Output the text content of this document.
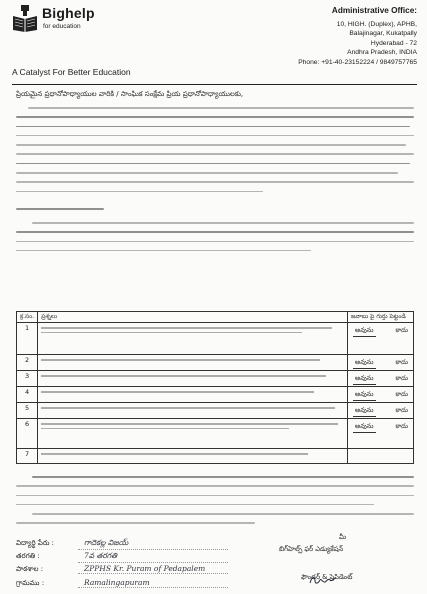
Bighelp
for education
A Catalyst For Better Education
Administrative Office:
10, HIGH. (Duplex), APHB,
Balajinagar, Kukatpally
Hyderabad - 72
Andhra Pradesh, INDIA
Phone: +91-40-23152224 / 9849757765
ప్రియమైన ప్రధానోపాధ్యాయుల వారికి / సాంఘిక సంక్షేమ ప్రియ ప్రధానోపాధ్యాయులకు,
క్ర.సం.	ప్రశ్నలు	జవాబు పై గుర్తు పెట్టండి
1		అవును కాదు

2		అవును కాదు

3		అవును కాదు

4		అవును కాదు

5		అవును కాదు

6		అవును కాదు

7	

విద్యార్థి పేరు :	గాదెకల్ల విజయ్
తరగతి :	7వ తరగతి
పాఠశాల :	ZPPHS Kr. Puram of Pedapalem
గ్రామము :	Ramalingapuram
మీ
బిగ్‌హెల్ప్ ఫర్ ఎడ్యుకేషన్
ఫౌండర్ & ప్రెసిడెంట్
